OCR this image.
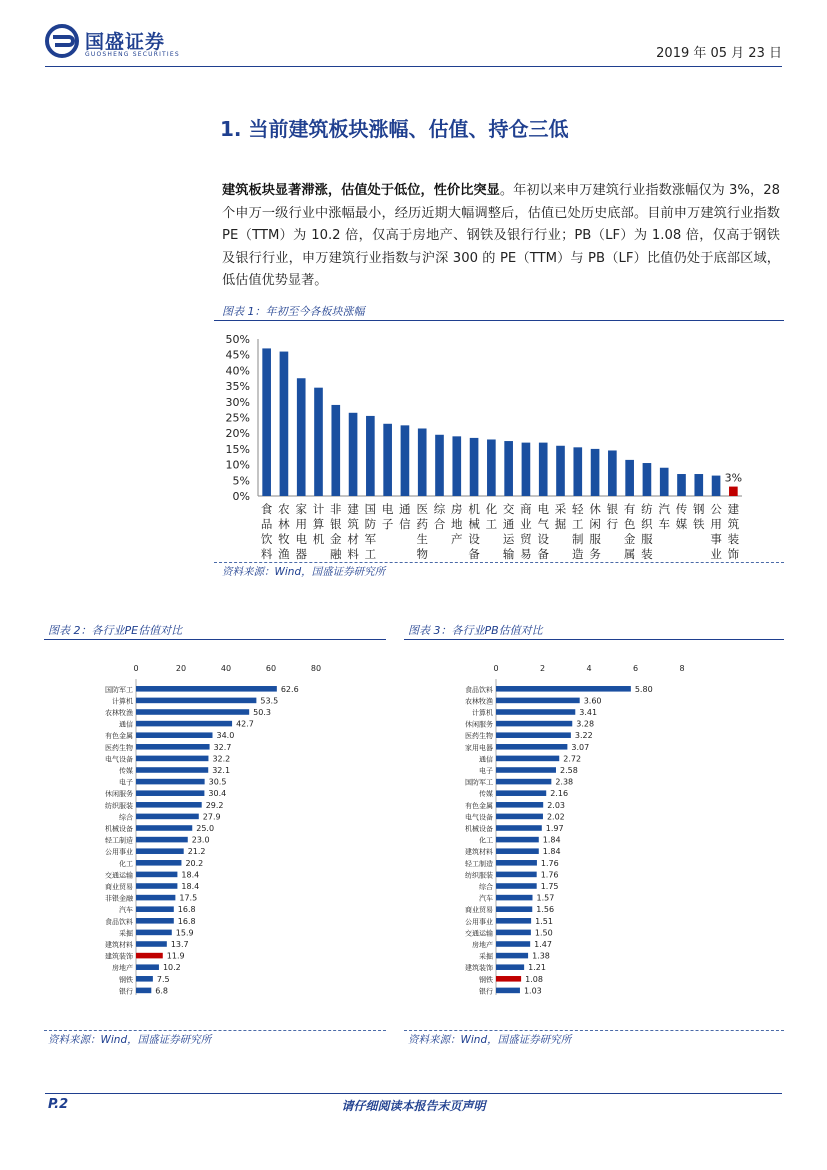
国盛证券
GUOSHENG SECURITIES	2019 年 05 月 23 日
1. 当前建筑板块涨幅、估值、持仓三低
建筑板块显著滞涨，估值处于低位，性价比突显。年初以来申万建筑行业指数涨幅仅为 3%，28 个申万一级行业中涨幅最小，经历近期大幅调整后，估值已处历史底部。目前申万建筑行业指数 PE（TTM）为 10.2 倍，仅高于房地产、钢铁及银行行业；PB（LF）为 1.08 倍，仅高于钢铁及银行行业，申万建筑行业指数与沪深 300 的 PE（TTM）与 PB（LF）比值仍处于底部区域，低估值优势显著。
图表 1：年初至今各板块涨幅
0%
5%
10%
15%
20%
25%
30%
35%
40%
45%
50%
食
品
饮
料
农
林
牧
渔
家
用
电
器
计
算
机
非
银
金
融
建
筑
材
料
国
防
军
工
电
子
通
信
医
药
生
物
综
合
房
地
产
机
械
设
备
化
工
交
通
运
输
商
业
贸
易
电
气
设
备
采
掘
轻
工
制
造
休
闲
服
务
银
行
有
色
金
属
纺
织
服
装
汽
车
传
媒
钢
铁
公
用
事
业
建
筑
装
饰
3%
资料来源：Wind，国盛证券研究所
图表 2：各行业PE估值对比
0	20	40	60	80
国防军工	62.6
计算机	53.5
农林牧渔	50.3
通信	42.7
有色金属	34.0
医药生物	32.7
电气设备	32.2
传媒	32.1
电子	30.5
休闲服务	30.4
纺织服装	29.2
综合	27.9
机械设备	25.0
轻工制造	23.0
公用事业	21.2
化工	20.2
交通运输	18.4
商业贸易	18.4
非银金融	17.5
汽车	16.8
食品饮料	16.8
采掘	15.9
建筑材料	13.7
建筑装饰	11.9
房地产	10.2
钢铁	7.5
银行	6.8
资料来源：Wind，国盛证券研究所
图表 3：各行业PB估值对比
0	2	4	6	8
食品饮料	5.80
农林牧渔	3.60
计算机	3.41
休闲服务	3.28
医药生物	3.22
家用电器	3.07
通信	2.72
电子	2.58
国防军工	2.38
传媒	2.16
有色金属	2.03
电气设备	2.02
机械设备	1.97
化工	1.84
建筑材料	1.84
轻工制造	1.76
纺织服装	1.76
综合	1.75
汽车	1.57
商业贸易	1.56
公用事业	1.51
交通运输	1.50
房地产	1.47
采掘	1.38
建筑装饰	1.21
钢铁	1.08
银行	1.03
资料来源：Wind，国盛证券研究所
P.2	请仔细阅读本报告末页声明
